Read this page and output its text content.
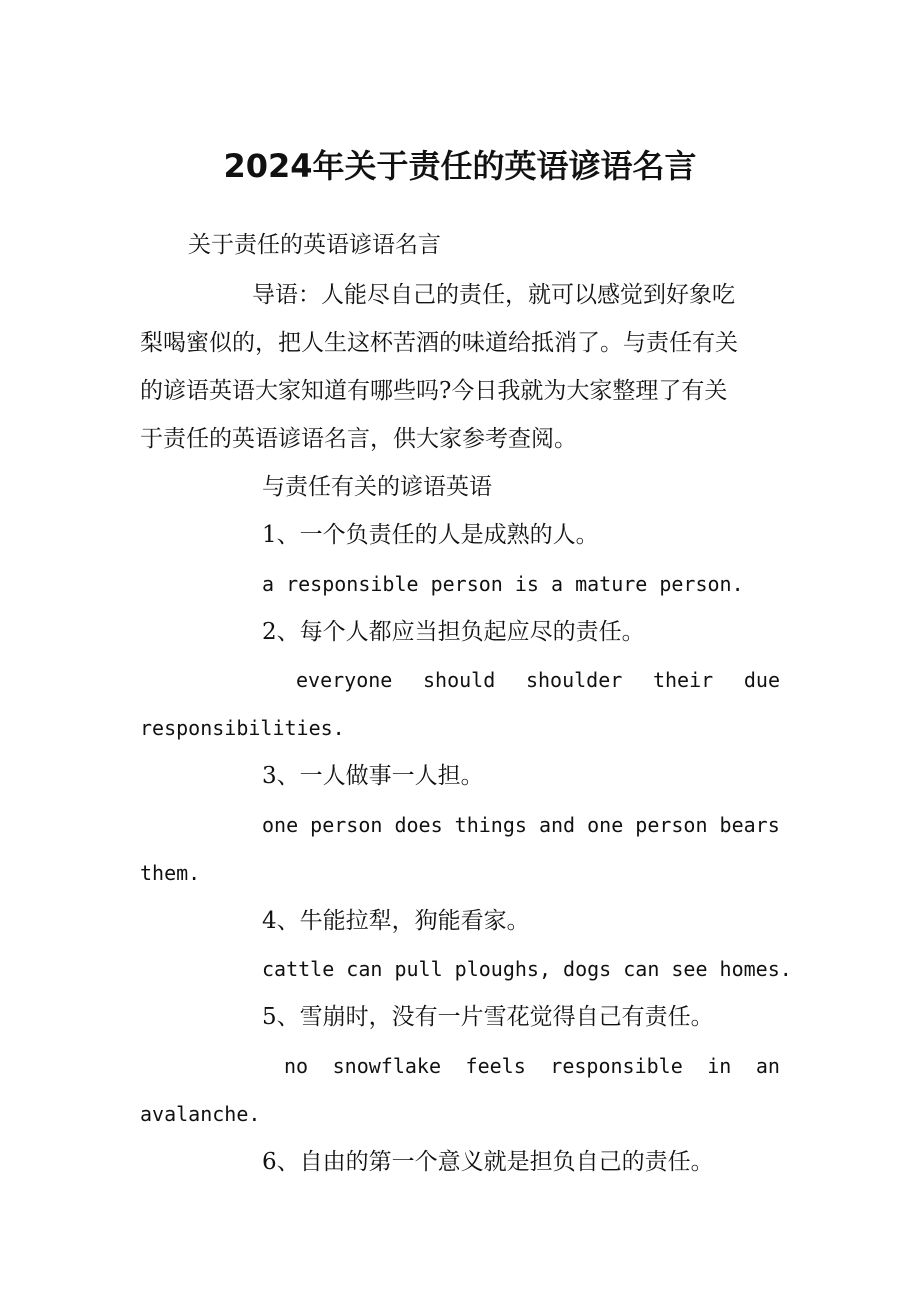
2024年关于责任的英语谚语名言
关于责任的英语谚语名言
导语：人能尽自己的责任，就可以感觉到好象吃
梨喝蜜似的，把人生这杯苦酒的味道给抵消了。与责任有关
的谚语英语大家知道有哪些吗?今日我就为大家整理了有关
于责任的英语谚语名言，供大家参考查阅。
与责任有关的谚语英语
1、一个负责任的人是成熟的人。
a responsible person is a mature person.
2、每个人都应当担负起应尽的责任。
everyone should shoulder their due
responsibilities.
3、一人做事一人担。
one person does things and one person bears
them.
4、牛能拉犁，狗能看家。
cattle can pull ploughs, dogs can see homes.
5、雪崩时，没有一片雪花觉得自己有责任。
no snowflake feels responsible in an
avalanche.
6、自由的第一个意义就是担负自己的责任。
